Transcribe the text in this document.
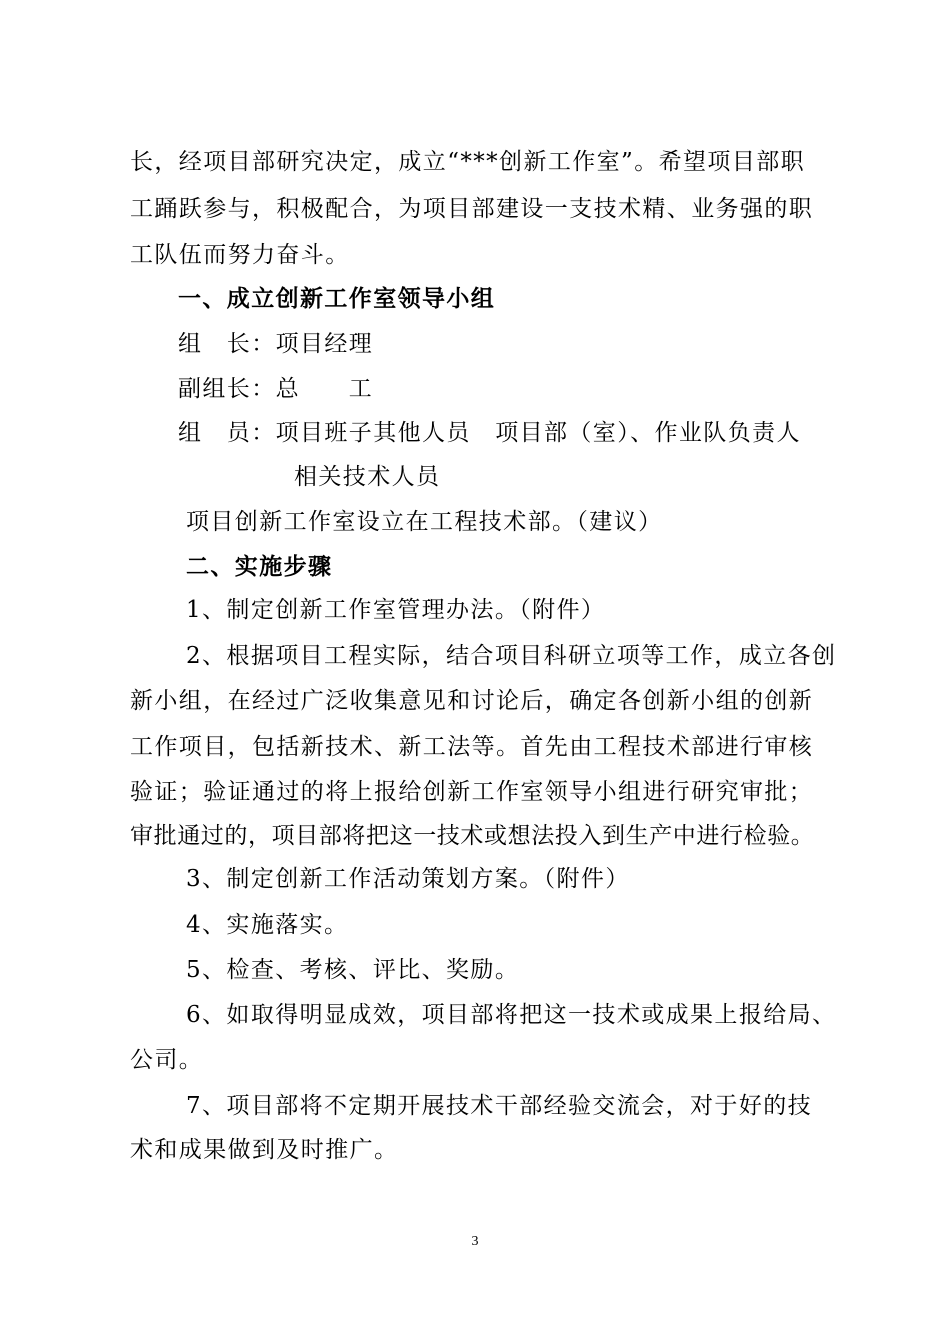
长，经项目部研究决定，成立“***创新工作室”。希望项目部职
工踊跃参与，积极配合，为项目部建设一支技术精、业务强的职
工队伍而努力奋斗。
一、成立创新工作室领导小组
组　长：项目经理
副组长：总　　工
组　员：项目班子其他人员　项目部（室）、作业队负责人
相关技术人员
项目创新工作室设立在工程技术部。（建议）
二、实施步骤
1、制定创新工作室管理办法。（附件）
2、根据项目工程实际，结合项目科研立项等工作，成立各创
新小组，在经过广泛收集意见和讨论后，确定各创新小组的创新
工作项目，包括新技术、新工法等。首先由工程技术部进行审核
验证；验证通过的将上报给创新工作室领导小组进行研究审批；
审批通过的，项目部将把这一技术或想法投入到生产中进行检验。
3、制定创新工作活动策划方案。（附件）
4、实施落实。
5、检查、考核、评比、奖励。
6、如取得明显成效，项目部将把这一技术或成果上报给局、
公司。
7、项目部将不定期开展技术干部经验交流会，对于好的技
术和成果做到及时推广。
3
